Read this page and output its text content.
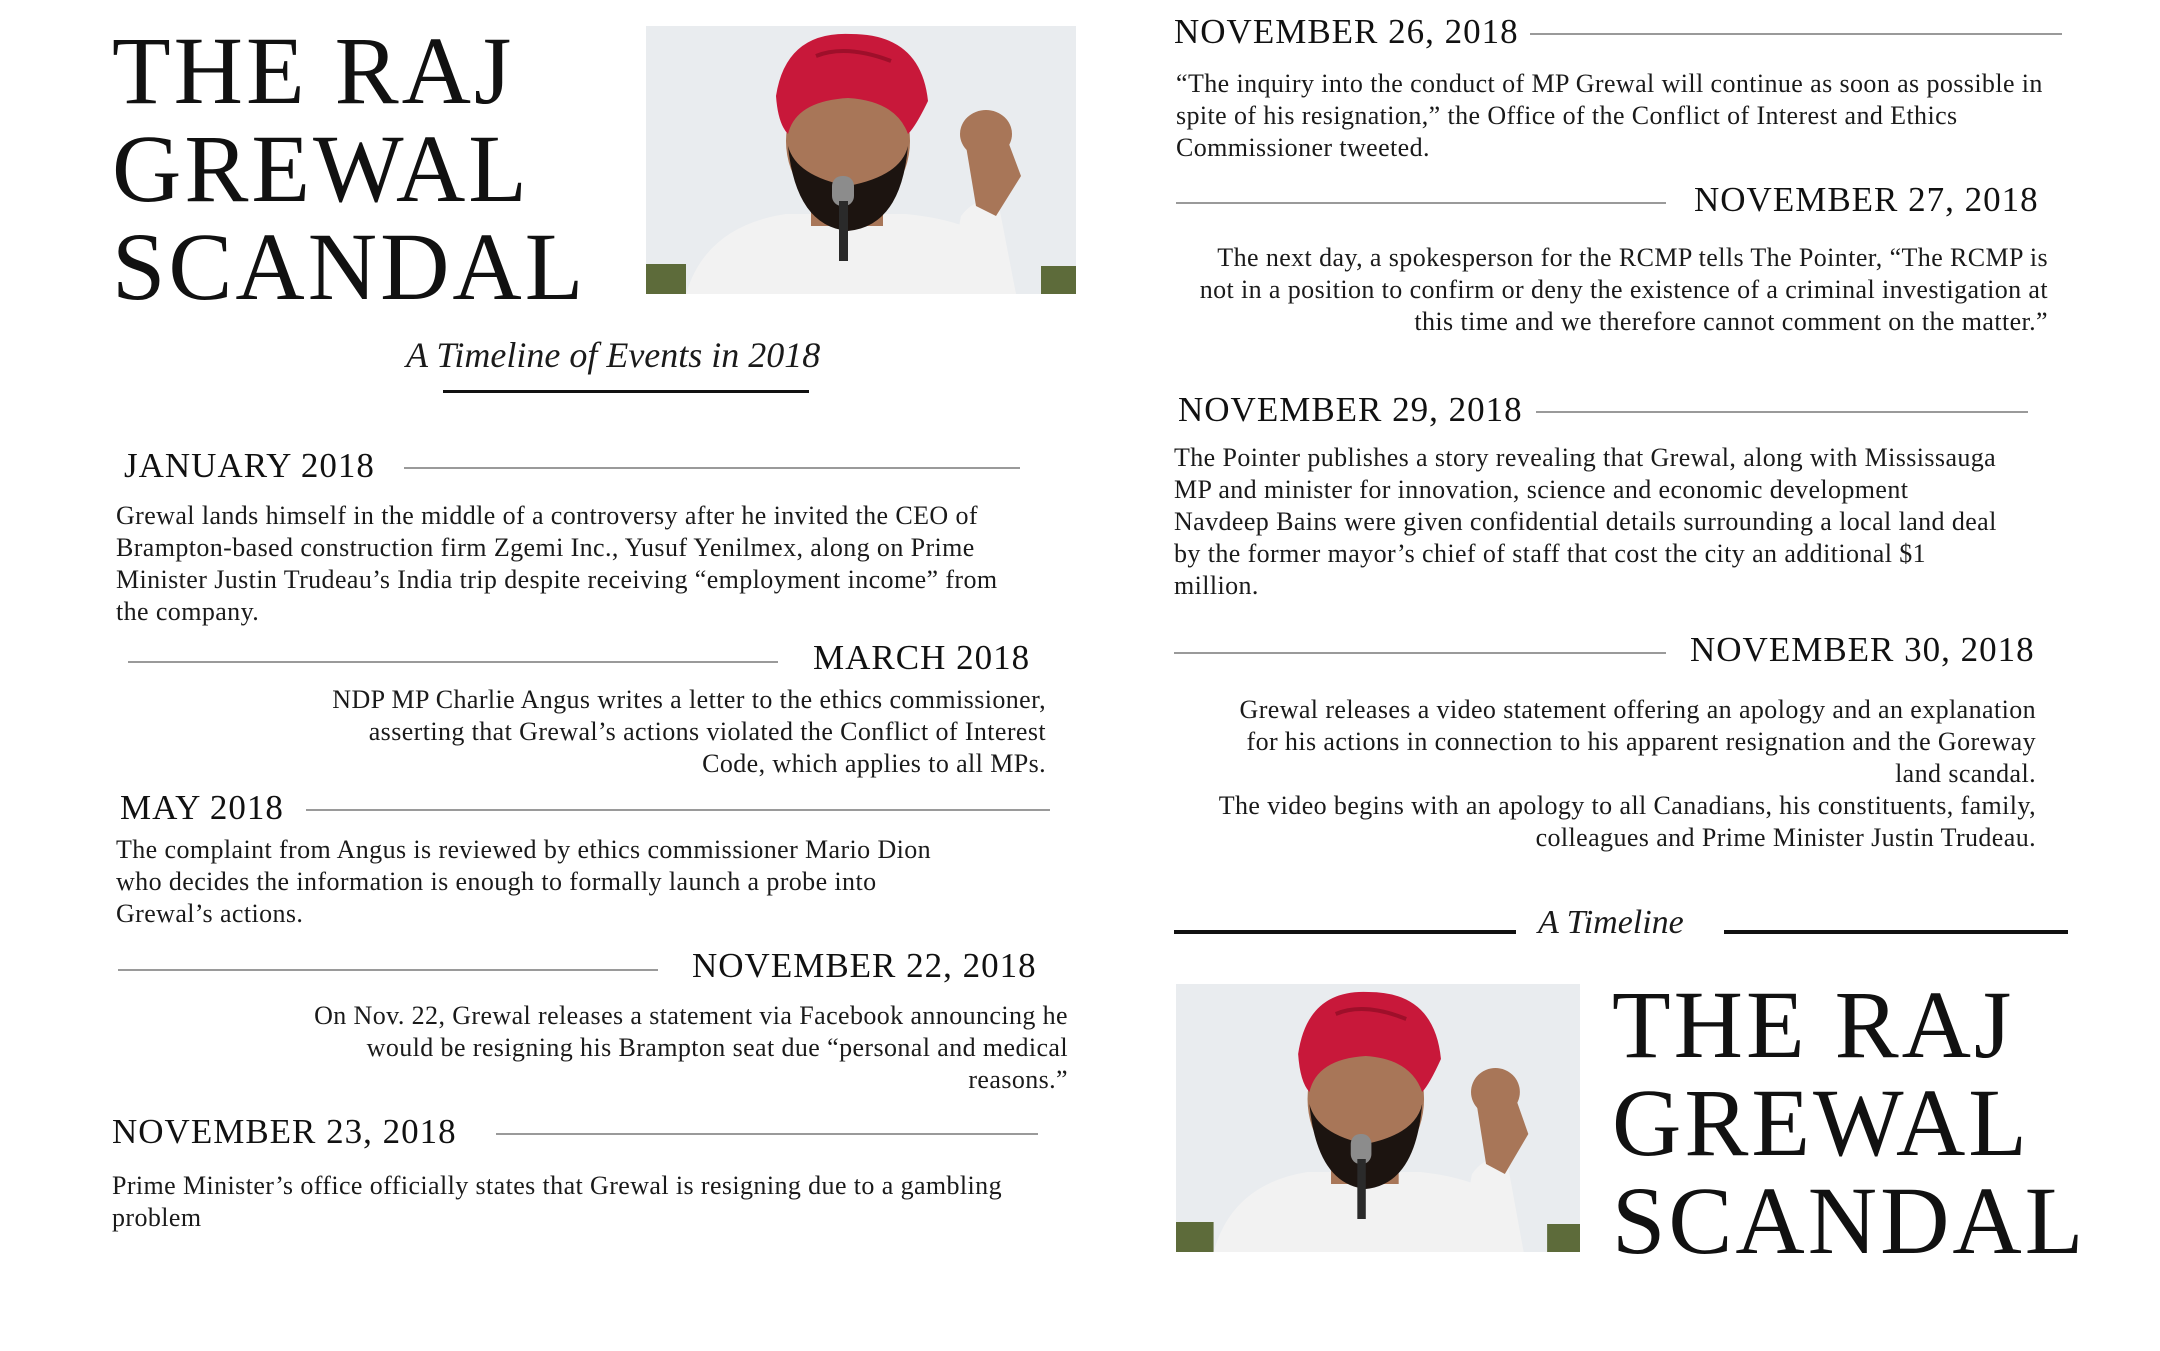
THE RAJ
GREWAL
SCANDAL
A Timeline of Events in 2018
JANUARY 2018
Grewal lands himself in the middle of a controversy after he invited the CEO of Brampton-based construction firm Zgemi Inc., Yusuf Yenilmex, along on Prime Minister Justin Trudeau’s India trip despite receiving “employment income” from the company.
MARCH 2018
NDP MP Charlie Angus writes a letter to the ethics commissioner, asserting that Grewal’s actions violated the Conflict of Interest Code, which applies to all MPs.
MAY 2018
The complaint from Angus is reviewed by ethics commissioner Mario Dion who decides the information is enough to formally launch a probe into Grewal’s actions.
NOVEMBER 22, 2018
On Nov. 22, Grewal releases a statement via Facebook announcing he would be resigning his Brampton seat due “personal and medical reasons.”
NOVEMBER 23, 2018
Prime Minister’s office officially states that Grewal is resigning due to a gambling problem
NOVEMBER 26, 2018
“The inquiry into the conduct of MP Grewal will continue as soon as possible in spite of his resignation,” the Office of the Conflict of Interest and Ethics Commissioner tweeted.
NOVEMBER 27, 2018
The next day, a spokesperson for the RCMP tells The Pointer, “The RCMP is not in a position to confirm or deny the existence of a criminal investigation at this time and we therefore cannot comment on the matter.”
NOVEMBER 29, 2018
The Pointer publishes a story revealing that Grewal, along with Mississauga MP and minister for innovation, science and economic development Navdeep Bains were given confidential details surrounding a local land deal by the former mayor’s chief of staff that cost the city an additional $1 million.
NOVEMBER 30, 2018
Grewal releases a video statement offering an apology and an explanation for his actions in connection to his apparent resignation and the Goreway land scandal.
The video begins with an apology to all Canadians, his constituents, family, colleagues and Prime Minister Justin Trudeau.
A Timeline
THE RAJ
GREWAL
SCANDAL
